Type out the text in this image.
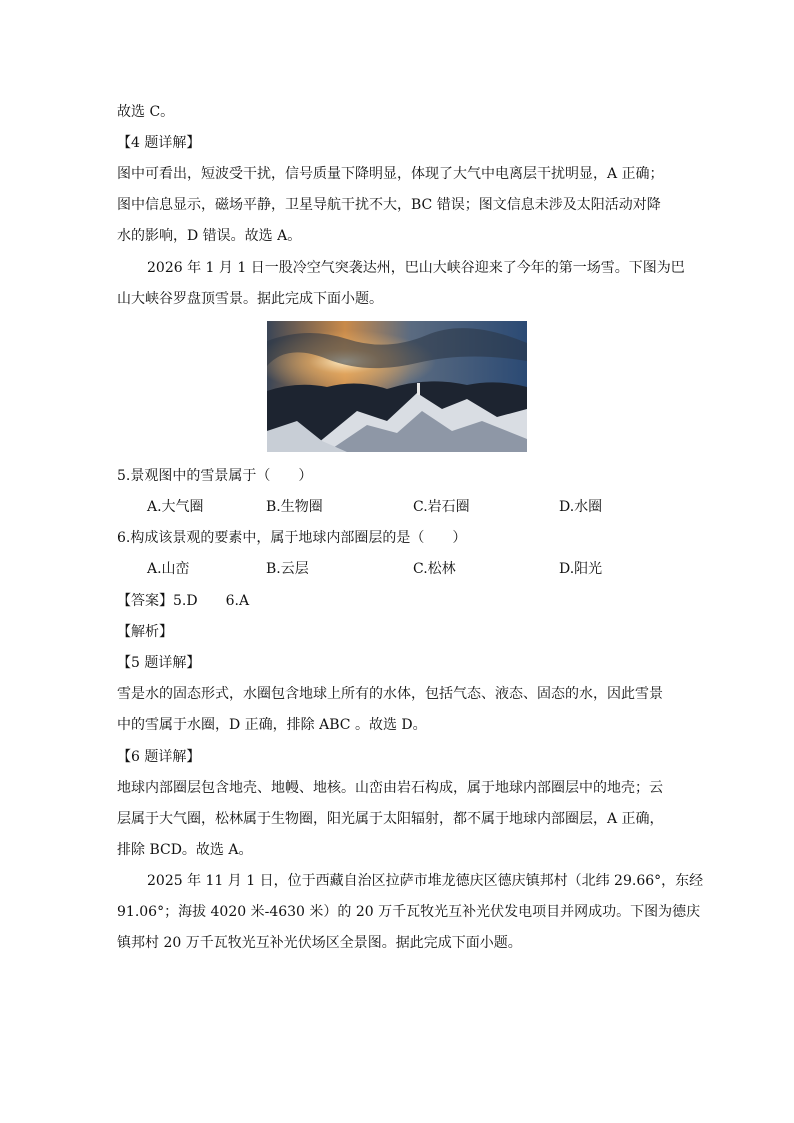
故选 C。
【4 题详解】
图中可看出，短波受干扰，信号质量下降明显，体现了大气中电离层干扰明显，A 正确；
图中信息显示，磁场平静，卫星导航干扰不大，BC 错误；图文信息未涉及太阳活动对降
水的影响，D 错误。故选 A。
2026 年 1 月 1 日一股冷空气突袭达州，巴山大峡谷迎来了今年的第一场雪。下图为巴
山大峡谷罗盘顶雪景。据此完成下面小题。
5.景观图中的雪景属于（　　）
A.大气圈	B.生物圈	C.岩石圈	D.水圈
6.构成该景观的要素中，属于地球内部圈层的是（　　）
A.山峦	B.云层	C.松林	D.阳光
【答案】5.D　　6.A
【解析】
【5 题详解】
雪是水的固态形式，水圈包含地球上所有的水体，包括气态、液态、固态的水，因此雪景
中的雪属于水圈，D 正确，排除 ABC 。故选 D。
【6 题详解】
地球内部圈层包含地壳、地幔、地核。山峦由岩石构成，属于地球内部圈层中的地壳；云
层属于大气圈，松林属于生物圈，阳光属于太阳辐射，都不属于地球内部圈层，A 正确，
排除 BCD。故选 A。
2025 年 11 月 1 日，位于西藏自治区拉萨市堆龙德庆区德庆镇邦村（北纬 29.66°，东经
91.06°；海拔 4020 米-4630 米）的 20 万千瓦牧光互补光伏发电项目并网成功。下图为德庆
镇邦村 20 万千瓦牧光互补光伏场区全景图。据此完成下面小题。
